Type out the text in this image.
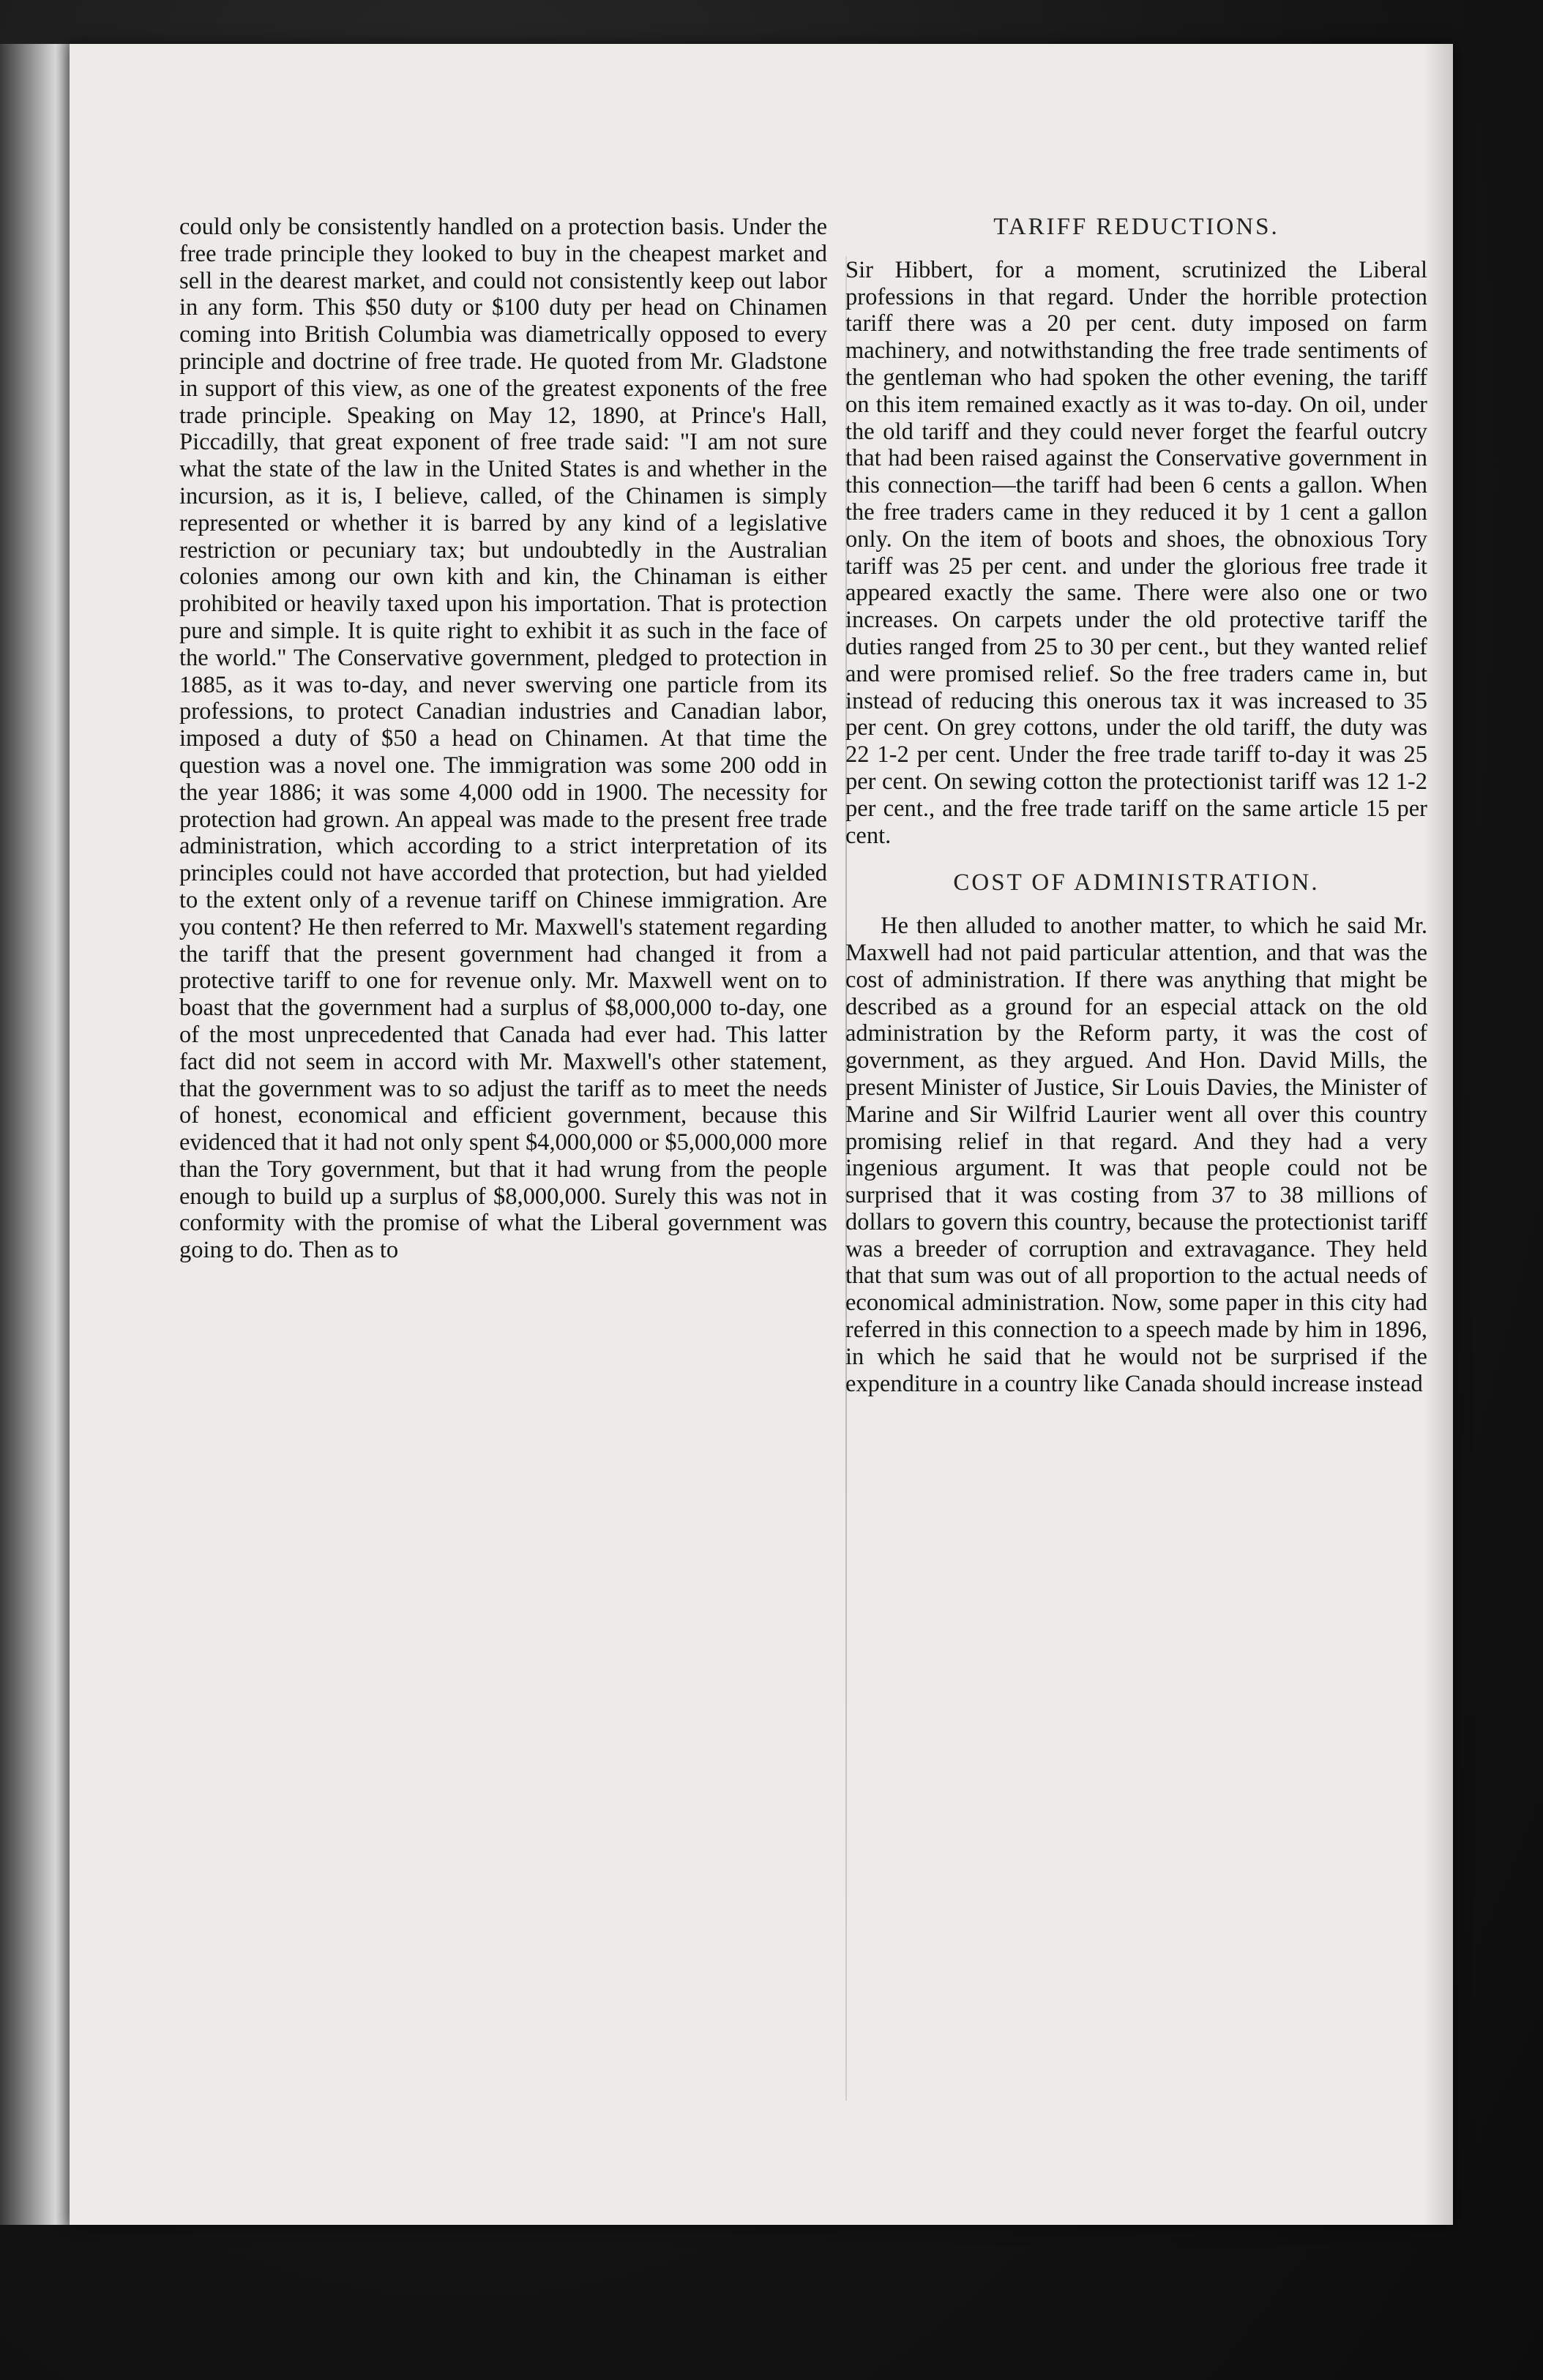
could only be consistently handled on a protection basis. Under the free trade principle they looked to buy in the cheapest market and sell in the dearest market, and could not consistently keep out labor in any form. This $50 duty or $100 duty per head on Chinamen coming into British Columbia was diametrically opposed to every principle and doctrine of free trade. He quoted from Mr. Gladstone in support of this view, as one of the greatest exponents of the free trade principle. Speaking on May 12, 1890, at Prince's Hall, Piccadilly, that great exponent of free trade said: "I am not sure what the state of the law in the United States is and whether in the incursion, as it is, I believe, called, of the Chinamen is simply represented or whether it is barred by any kind of a legislative restriction or pecuniary tax; but undoubtedly in the Australian colonies among our own kith and kin, the Chinaman is either prohibited or heavily taxed upon his importation. That is protection pure and simple. It is quite right to exhibit it as such in the face of the world." The Conservative government, pledged to protection in 1885, as it was to-day, and never swerving one particle from its professions, to protect Canadian industries and Canadian labor, imposed a duty of $50 a head on Chinamen. At that time the question was a novel one. The immigration was some 200 odd in the year 1886; it was some 4,000 odd in 1900. The necessity for protection had grown. An appeal was made to the present free trade administration, which according to a strict interpretation of its principles could not have accorded that protection, but had yielded to the extent only of a revenue tariff on Chinese immigration. Are you content? He then referred to Mr. Maxwell's statement regarding the tariff that the present government had changed it from a protective tariff to one for revenue only. Mr. Maxwell went on to boast that the government had a surplus of $8,000,000 to-day, one of the most unprecedented that Canada had ever had. This latter fact did not seem in accord with Mr. Maxwell's other statement, that the government was to so adjust the tariff as to meet the needs of honest, economical and efficient government, because this evidenced that it had not only spent $4,000,000 or $5,000,000 more than the Tory government, but that it had wrung from the people enough to build up a surplus of $8,000,000. Surely this was not in conformity with the promise of what the Liberal government was going to do. Then as to

TARIFF REDUCTIONS.

Sir Hibbert, for a moment, scrutinized the Liberal professions in that regard. Under the horrible protection tariff there was a 20 per cent. duty imposed on farm machinery, and notwithstanding the free trade sentiments of the gentleman who had spoken the other evening, the tariff on this item remained exactly as it was to-day. On oil, under the old tariff and they could never forget the fearful outcry that had been raised against the Conservative government in this connection—the tariff had been 6 cents a gallon. When the free traders came in they reduced it by 1 cent a gallon only. On the item of boots and shoes, the obnoxious Tory tariff was 25 per cent. and under the glorious free trade it appeared exactly the same. There were also one or two increases. On carpets under the old protective tariff the duties ranged from 25 to 30 per cent., but they wanted relief and were promised relief. So the free traders came in, but instead of reducing this onerous tax it was increased to 35 per cent. On grey cottons, under the old tariff, the duty was 22 1-2 per cent. Under the free trade tariff to-day it was 25 per cent. On sewing cotton the protectionist tariff was 12 1-2 per cent., and the free trade tariff on the same article 15 per cent.

COST OF ADMINISTRATION.

He then alluded to another matter, to which he said Mr. Maxwell had not paid particular attention, and that was the cost of administration. If there was anything that might be described as a ground for an especial attack on the old administration by the Reform party, it was the cost of government, as they argued. And Hon. David Mills, the present Minister of Justice, Sir Louis Davies, the Minister of Marine and Sir Wilfrid Laurier went all over this country promising relief in that regard. And they had a very ingenious argument. It was that people could not be surprised that it was costing from 37 to 38 millions of dollars to govern this country, because the protectionist tariff was a breeder of corruption and extravagance. They held that that sum was out of all proportion to the actual needs of economical administration. Now, some paper in this city had referred in this connection to a speech made by him in 1896, in which he said that he would not be surprised if the expenditure in a country like Canada should increase instead
